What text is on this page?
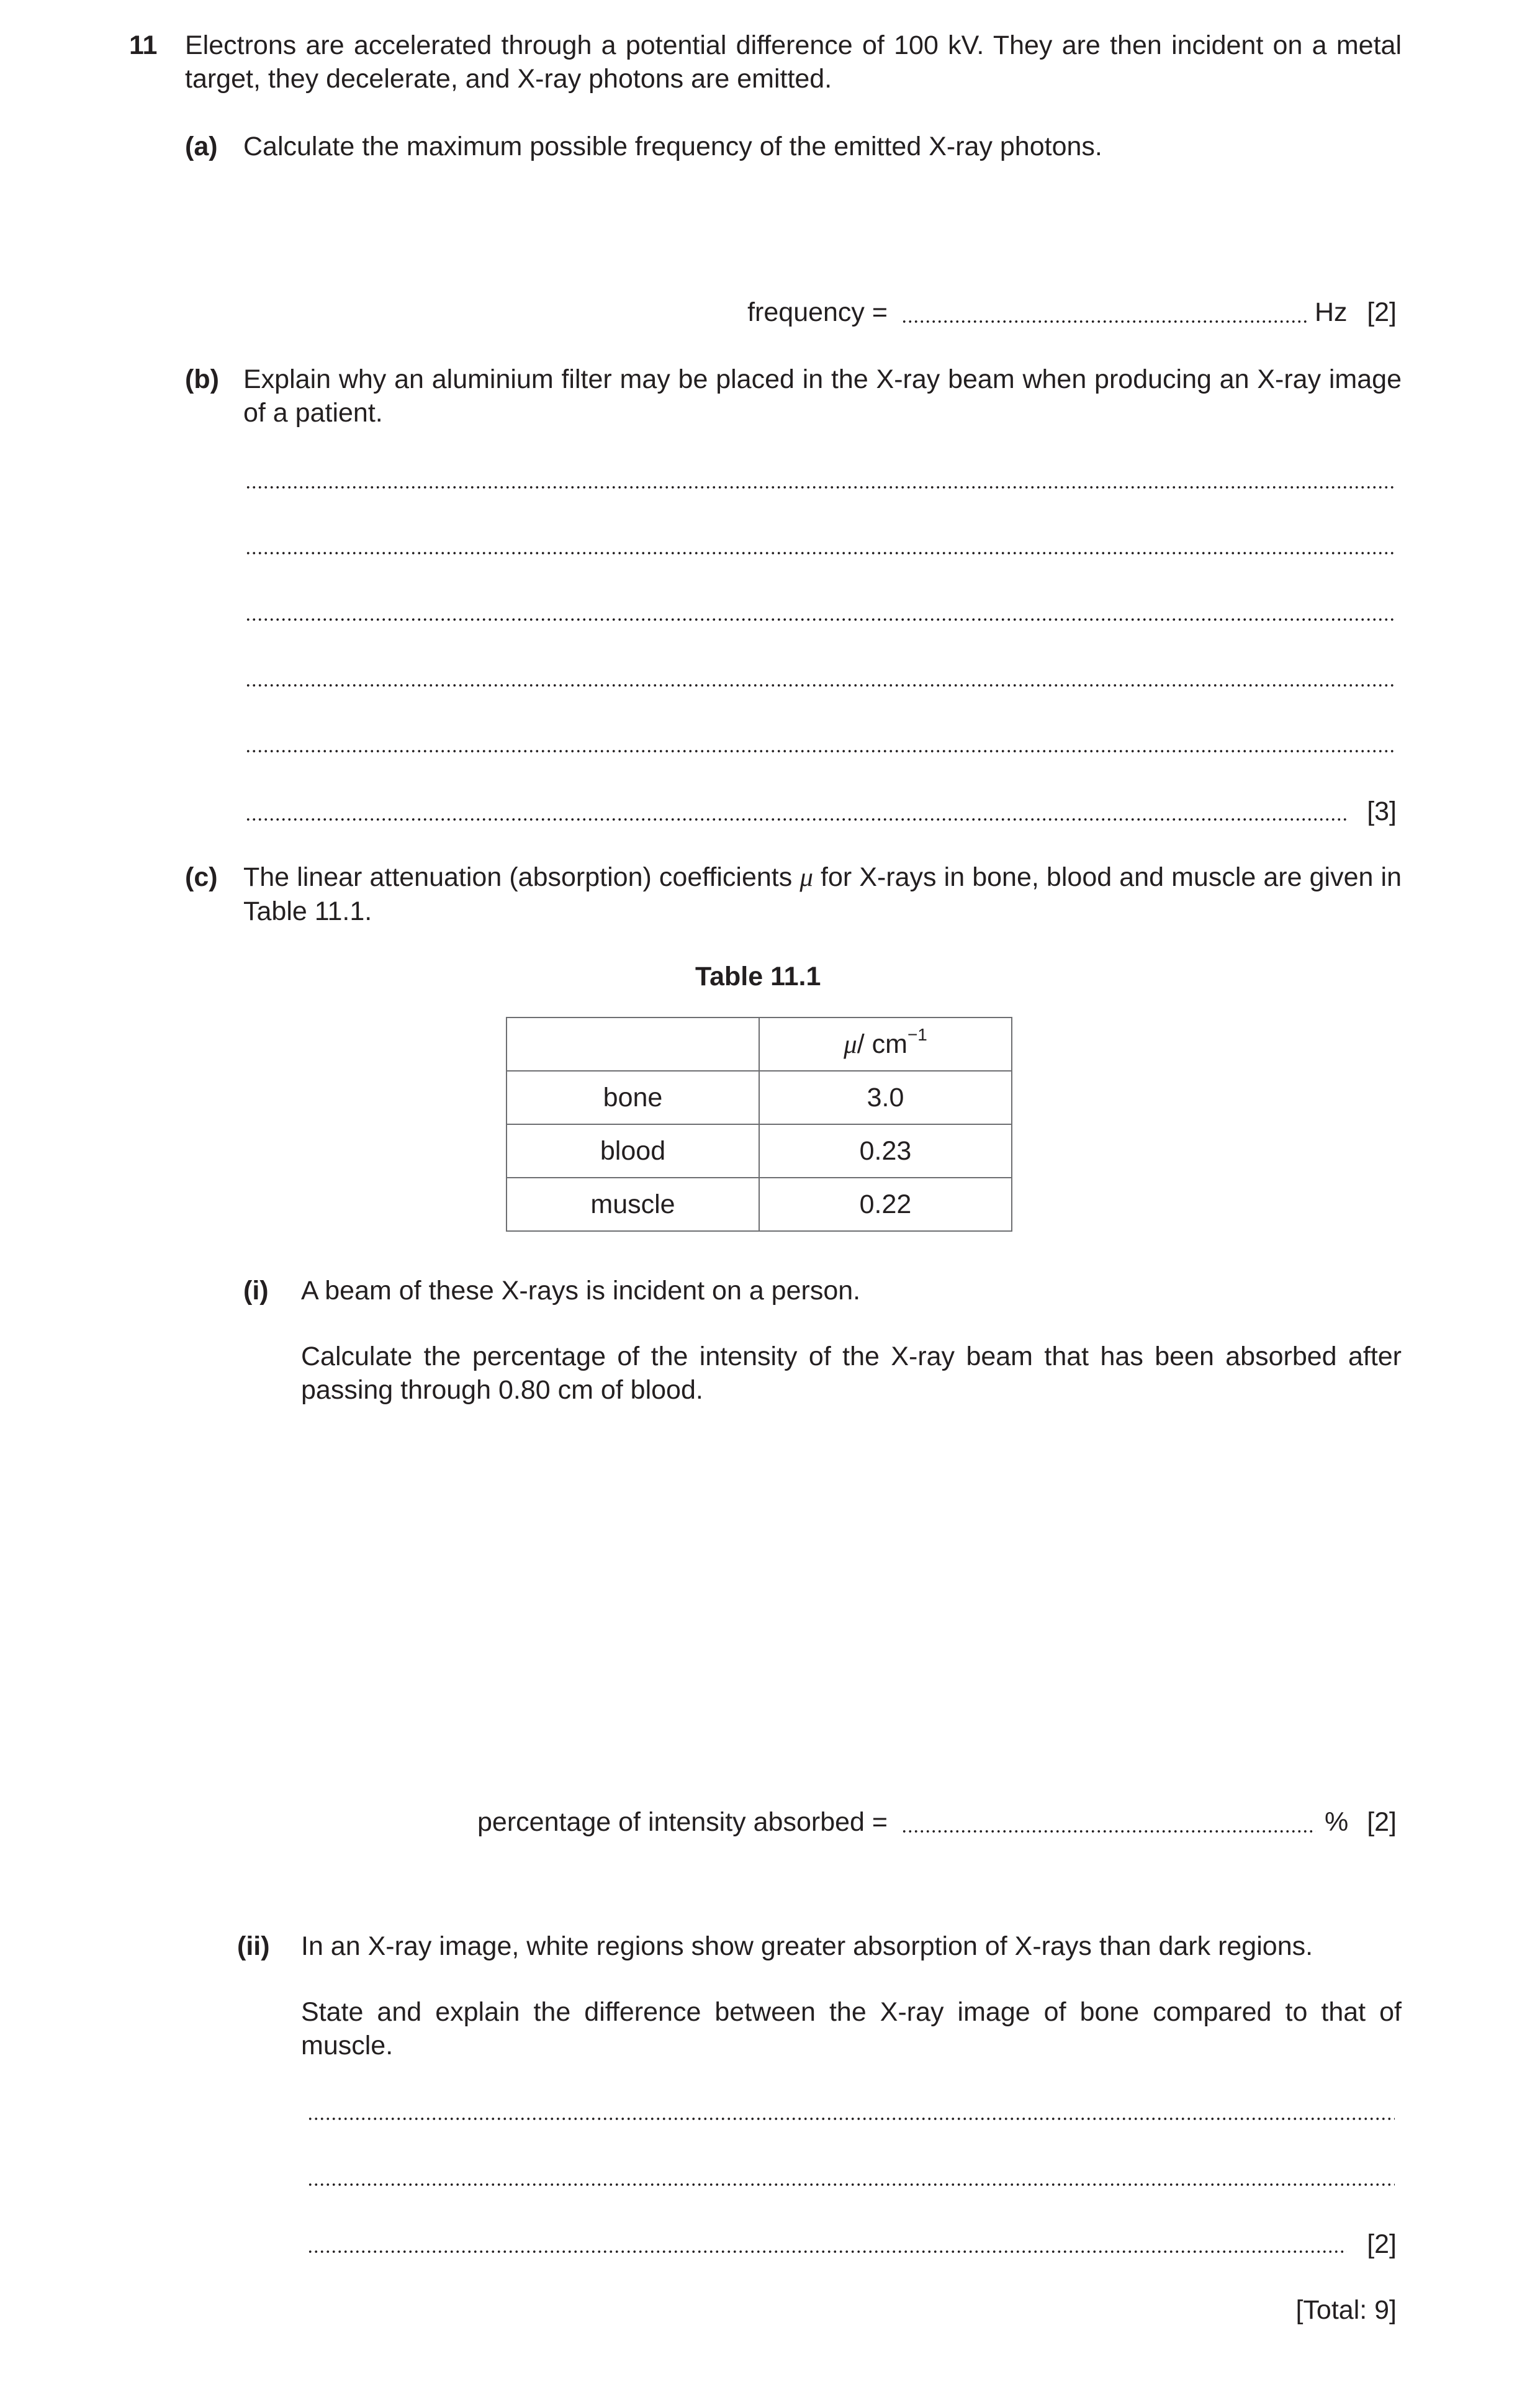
11 Electrons are accelerated through a potential difference of 100 kV. They are then incident on a metal target, they decelerate, and X-ray photons are emitted.
(a) Calculate the maximum possible frequency of the emitted X-ray photons.
frequency =	Hz [2]
(b) Explain why an aluminium filter may be placed in the X-ray beam when producing an X-ray image of a patient.
[3]
(c) The linear attenuation (absorption) coefficients μ for X-rays in bone, blood and muscle are given in Table 11.1.
Table 11.1
	μ/ $cm^{-1}$
bone	3.0
blood	0.23
muscle	0.22
(i) A beam of these X-rays is incident on a person.
Calculate the percentage of the intensity of the X-ray beam that has been absorbed after passing through 0.80 cm of blood.
percentage of intensity absorbed =	% [2]
(ii) In an X-ray image, white regions show greater absorption of X-rays than dark regions.
State and explain the difference between the X-ray image of bone compared to that of muscle.
[2]
[Total: 9]
